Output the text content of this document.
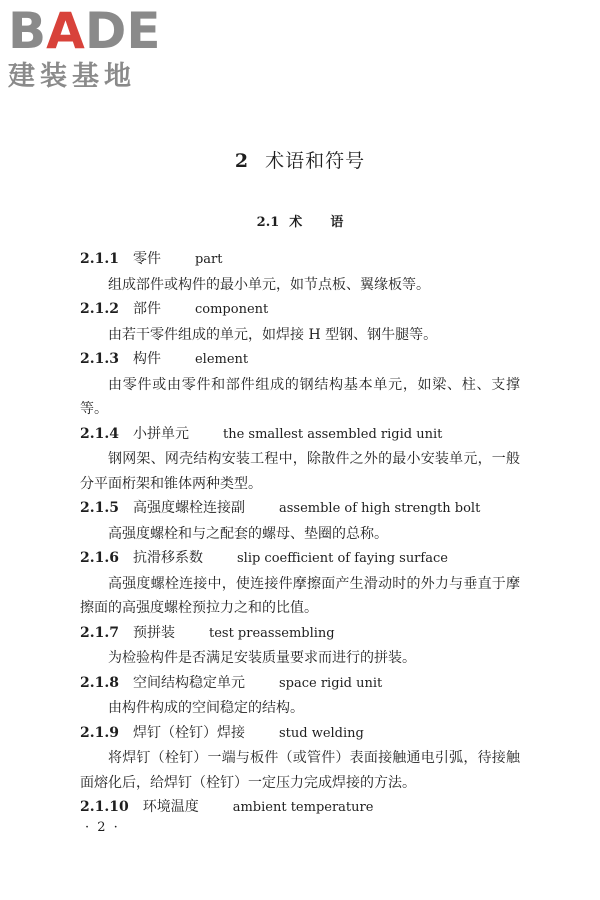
BADE
建装基地
2 术语和符号
2.1 术 语
2.1.1 零件	part

组成部件或构件的最小单元，如节点板、翼缘板等。

2.1.2 部件	component

由若干零件组成的单元，如焊接 H 型钢、钢牛腿等。

2.1.3 构件	element

由零件或由零件和部件组成的钢结构基本单元，如梁、柱、支撑等。

2.1.4 小拼单元	the smallest assembled rigid unit

钢网架、网壳结构安装工程中，除散件之外的最小安装单元，一般分平面桁架和锥体两种类型。

2.1.5 高强度螺栓连接副	assemble of high strength bolt

高强度螺栓和与之配套的螺母、垫圈的总称。

2.1.6 抗滑移系数	slip coefficient of faying surface

高强度螺栓连接中，使连接件摩擦面产生滑动时的外力与垂直于摩擦面的高强度螺栓预拉力之和的比值。

2.1.7 预拼装	test preassembling

为检验构件是否满足安装质量要求而进行的拼装。

2.1.8 空间结构稳定单元	space rigid unit

由构件构成的空间稳定的结构。

2.1.9 焊钉（栓钉）焊接	stud welding

将焊钉（栓钉）一端与板件（或管件）表面接触通电引弧，待接触面熔化后，给焊钉（栓钉）一定压力完成焊接的方法。

2.1.10 环境温度	ambient temperature
· 2 ·
